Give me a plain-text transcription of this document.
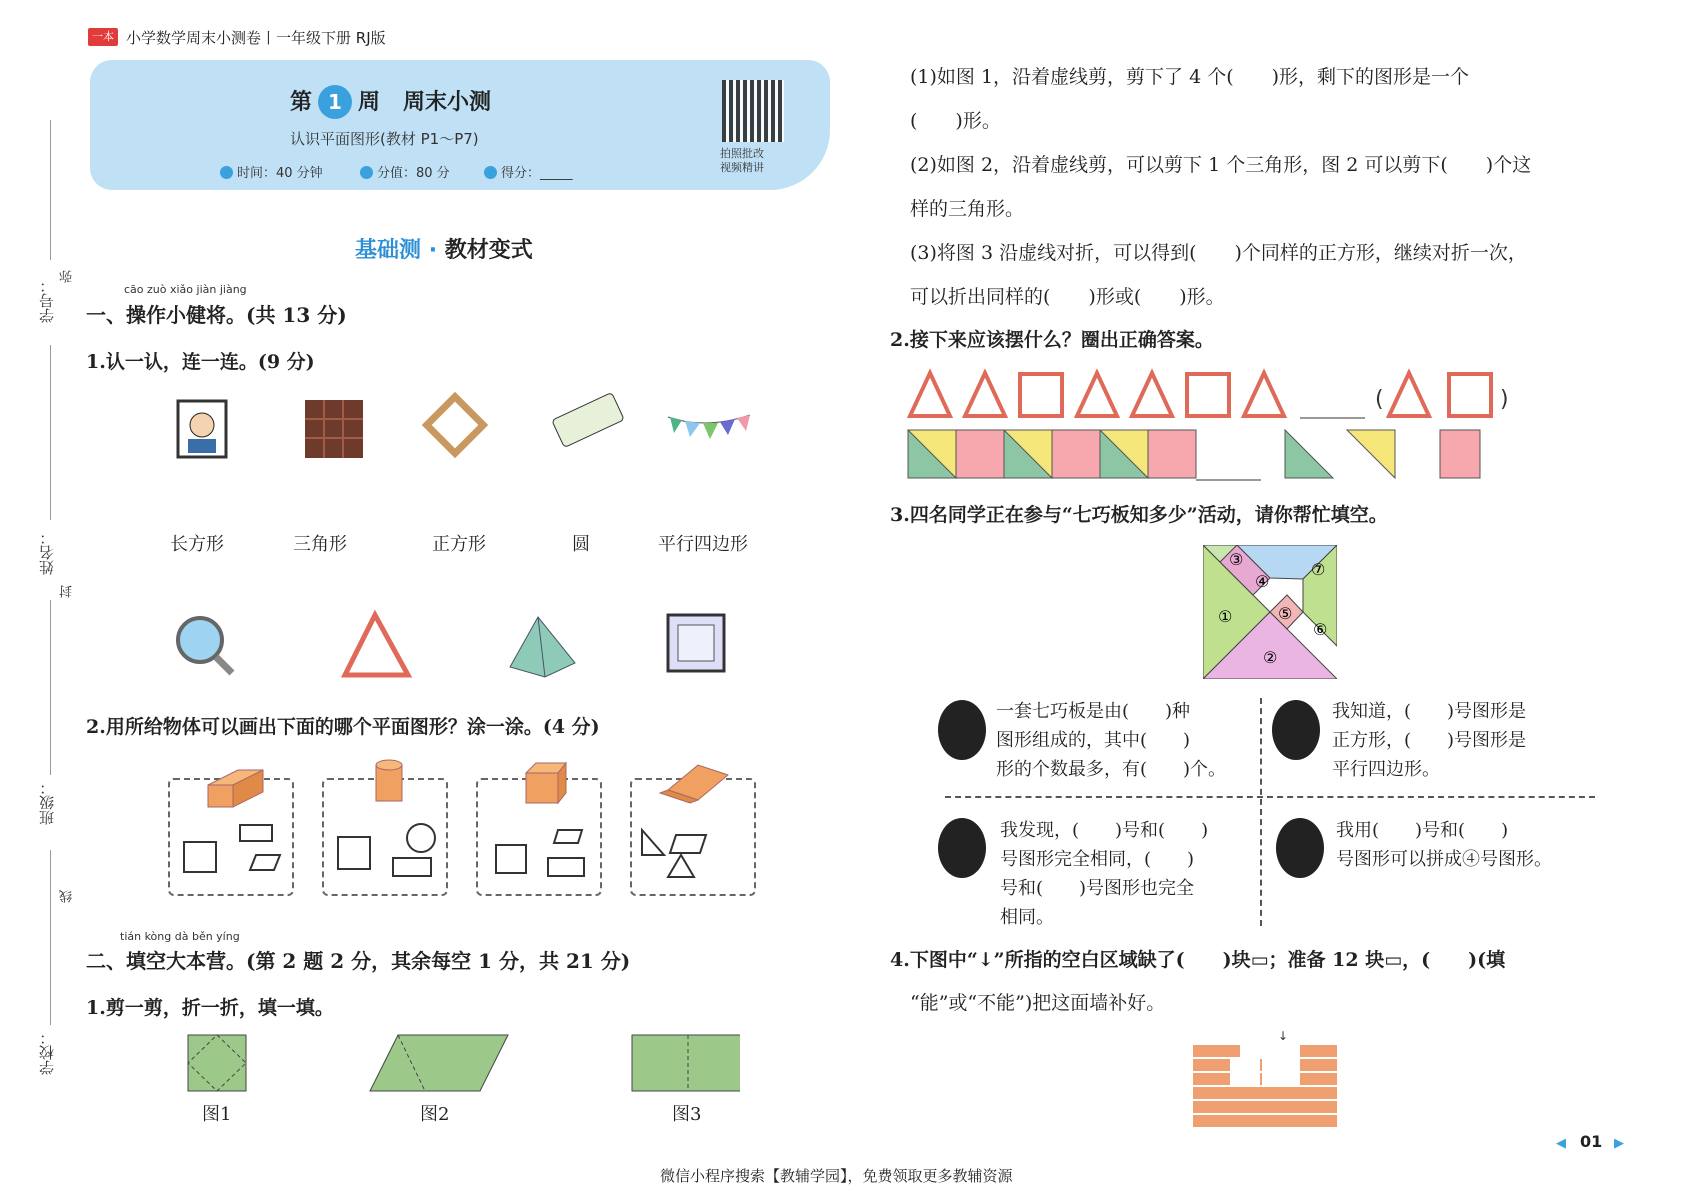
一本 小学数学周末小测卷丨一年级下册 RJ版
学号：
弥
姓名：
封
班级：
线
学校：
第 1 周 周末小测
认识平面图形(教材 P1～P7)
时间：40 分钟	分值：80 分	得分：_____
拍照批改
视频精讲
基础测 · 教材变式
cāo zuò xiǎo jiàn jiàng
一、操作小健将。(共 13 分)
1.认一认，连一连。(9 分)
长方形	三角形	正方形	圆	平行四边形
2.用所给物体可以画出下面的哪个平面图形？涂一涂。(4 分)
tián kòng dà běn yíng
二、填空大本营。(第 2 题 2 分，其余每空 1 分，共 21 分)
1.剪一剪，折一折，填一填。
图1	图2	图3
(1)如图 1，沿着虚线剪，剪下了 4 个(　　)形，剩下的图形是一个
(　　)形。
(2)如图 2，沿着虚线剪，可以剪下 1 个三角形，图 2 可以剪下(　　)个这
样的三角形。
(3)将图 3 沿虚线对折，可以得到(　　)个同样的正方形，继续对折一次，
可以折出同样的(　　)形或(　　)形。
2.接下来应该摆什么？圈出正确答案。
(	)
3.四名同学正在参与“七巧板知多少”活动，请你帮忙填空。
③
④
⑦
①	⑤
⑥
②
一套七巧板是由(　　)种
图形组成的，其中(　　)
形的个数最多，有(　　)个。
我知道，(　　)号图形是
正方形，(　　)号图形是
平行四边形。
我发现，(　　)号和(　　)
号图形完全相同，(　　)
号和(　　)号图形也完全
相同。
我用(　　)号和(　　)
号图形可以拼成④号图形。
4.下图中“↓”所指的空白区域缺了(　　)块▭；准备 12 块▭，(　　)(填
“能”或“不能”)把这面墙补好。
↓
◀ 01 ▶
微信小程序搜索【教辅学园】，免费领取更多教辅资源
